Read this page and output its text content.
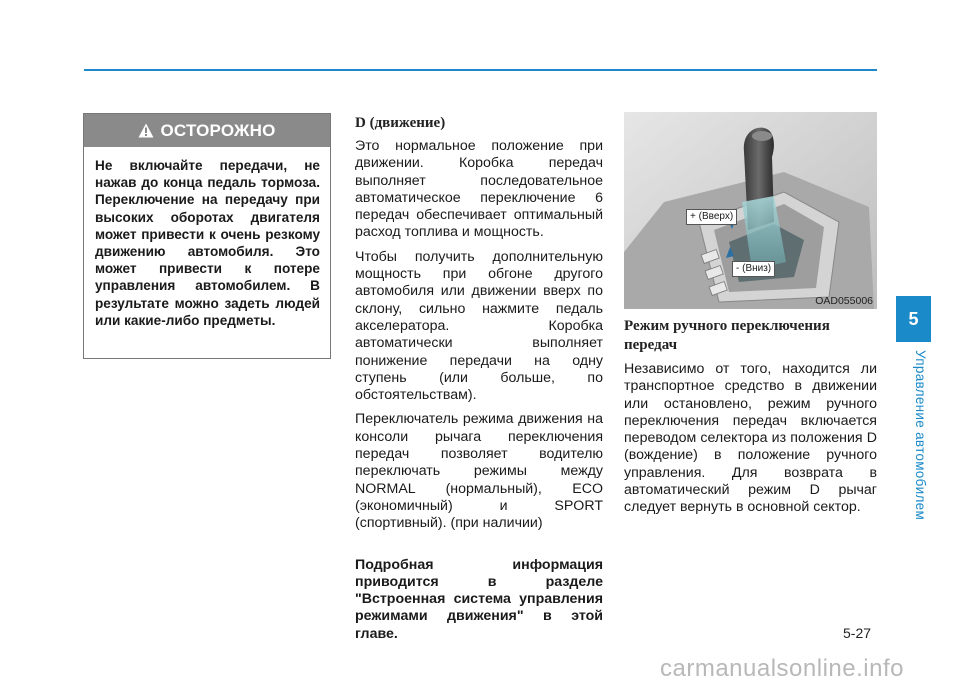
ОСТОРОЖНО
Не включайте передачи, не нажав до конца педаль тормоза. Переключение на передачу при высоких оборотах двигателя может привести к очень резкому движению автомобиля. Это может привести к потере управления автомобилем. В результате можно задеть людей или какие-либо предметы.
D (движение)

Это нормальное положение при движении. Коробка передач выполняет последовательное автоматическое переключение 6 передач обеспечивает оптимальный расход топлива и мощность.

Чтобы получить дополнительную мощность при обгоне другого автомобиля или движении вверх по склону, сильно нажмите педаль акселератора. Коробка автоматически выполняет понижение передачи на одну ступень (или больше, по обстоятельствам).

Переключатель режима движения на консоли рычага переключения передач позволяет водителю переключать режимы между NORMAL (нормальный), ECO (экономичный) и SPORT (спортивный). (при наличии)

Подробная информация приводится в разделе "Встроенная система управления режимами движения" в этой главе.

+ (Вверх)
- (Вниз)
OAD055006
Режим ручного переключения передач

Независимо от того, находится ли транспортное средство в движении или остановлено, режим ручного переключения передач включается переводом селектора из положения D (вождение) в положение ручного управления. Для возврата в автоматический режим D рычаг следует вернуть в основной сектор.

5
Управление автомобилем
5-27
carmanualsonline.info
